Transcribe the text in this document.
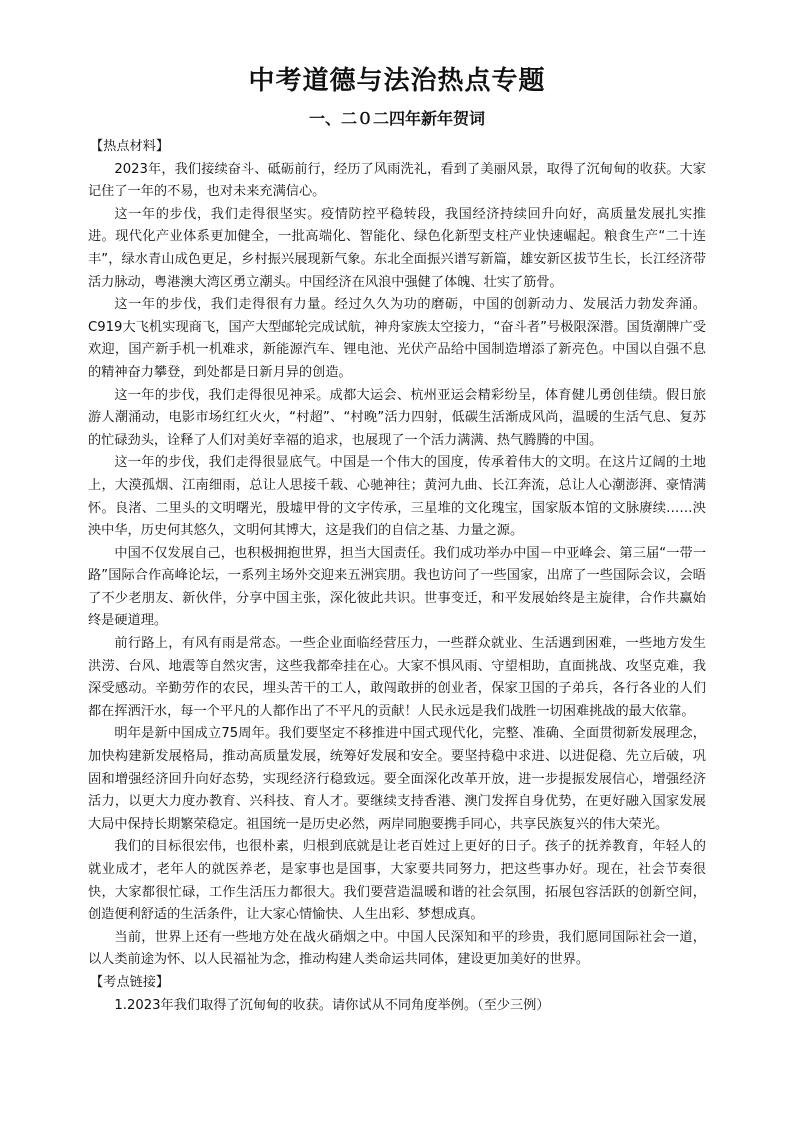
中考道德与法治热点专题
一、二０二四年新年贺词
【热点材料】

2023年，我们接续奋斗、砥砺前行，经历了风雨洗礼，看到了美丽风景，取得了沉甸甸的收获。大家记住了一年的不易，也对未来充满信心。

这一年的步伐，我们走得很坚实。疫情防控平稳转段，我国经济持续回升向好，高质量发展扎实推进。现代化产业体系更加健全，一批高端化、智能化、绿色化新型支柱产业快速崛起。粮食生产“二十连丰”，绿水青山成色更足，乡村振兴展现新气象。东北全面振兴谱写新篇，雄安新区拔节生长，长江经济带活力脉动，粤港澳大湾区勇立潮头。中国经济在风浪中强健了体魄、壮实了筋骨。

这一年的步伐，我们走得很有力量。经过久久为功的磨砺，中国的创新动力、发展活力勃发奔涌。C919大飞机实现商飞，国产大型邮轮完成试航，神舟家族太空接力，“奋斗者”号极限深潜。国货潮牌广受欢迎，国产新手机一机难求，新能源汽车、锂电池、光伏产品给中国制造增添了新亮色。中国以自强不息的精神奋力攀登，到处都是日新月异的创造。

这一年的步伐，我们走得很见神采。成都大运会、杭州亚运会精彩纷呈，体育健儿勇创佳绩。假日旅游人潮涌动，电影市场红红火火，“村超”、“村晚”活力四射，低碳生活渐成风尚，温暖的生活气息、复苏的忙碌劲头，诠释了人们对美好幸福的追求，也展现了一个活力满满、热气腾腾的中国。

这一年的步伐，我们走得很显底气。中国是一个伟大的国度，传承着伟大的文明。在这片辽阔的土地上，大漠孤烟、江南细雨，总让人思接千载、心驰神往；黄河九曲、长江奔流，总让人心潮澎湃、豪情满怀。良渚、二里头的文明曙光，殷墟甲骨的文字传承，三星堆的文化瑰宝，国家版本馆的文脉赓续……泱泱中华，历史何其悠久，文明何其博大，这是我们的自信之基、力量之源。

中国不仅发展自己，也积极拥抱世界，担当大国责任。我们成功举办中国－中亚峰会、第三届“一带一路”国际合作高峰论坛，一系列主场外交迎来五洲宾朋。我也访问了一些国家，出席了一些国际会议，会晤了不少老朋友、新伙伴，分享中国主张，深化彼此共识。世事变迁，和平发展始终是主旋律，合作共赢始终是硬道理。

前行路上，有风有雨是常态。一些企业面临经营压力，一些群众就业、生活遇到困难，一些地方发生洪涝、台风、地震等自然灾害，这些我都牵挂在心。大家不惧风雨、守望相助，直面挑战、攻坚克难，我深受感动。辛勤劳作的农民，埋头苦干的工人，敢闯敢拼的创业者，保家卫国的子弟兵，各行各业的人们都在挥洒汗水，每一个平凡的人都作出了不平凡的贡献！人民永远是我们战胜一切困难挑战的最大依靠。

明年是新中国成立75周年。我们要坚定不移推进中国式现代化，完整、准确、全面贯彻新发展理念，加快构建新发展格局，推动高质量发展，统筹好发展和安全。要坚持稳中求进、以进促稳、先立后破，巩固和增强经济回升向好态势，实现经济行稳致远。要全面深化改革开放，进一步提振发展信心，增强经济活力，以更大力度办教育、兴科技、育人才。要继续支持香港、澳门发挥自身优势，在更好融入国家发展大局中保持长期繁荣稳定。祖国统一是历史必然，两岸同胞要携手同心，共享民族复兴的伟大荣光。

我们的目标很宏伟，也很朴素，归根到底就是让老百姓过上更好的日子。孩子的抚养教育，年轻人的就业成才，老年人的就医养老，是家事也是国事，大家要共同努力，把这些事办好。现在，社会节奏很快，大家都很忙碌，工作生活压力都很大。我们要营造温暖和谐的社会氛围，拓展包容活跃的创新空间，创造便利舒适的生活条件，让大家心情愉快、人生出彩、梦想成真。

当前，世界上还有一些地方处在战火硝烟之中。中国人民深知和平的珍贵，我们愿同国际社会一道，以人类前途为怀、以人民福祉为念，推动构建人类命运共同体，建设更加美好的世界。

【考点链接】

1.2023年我们取得了沉甸甸的收获。请你试从不同角度举例。（至少三例）
